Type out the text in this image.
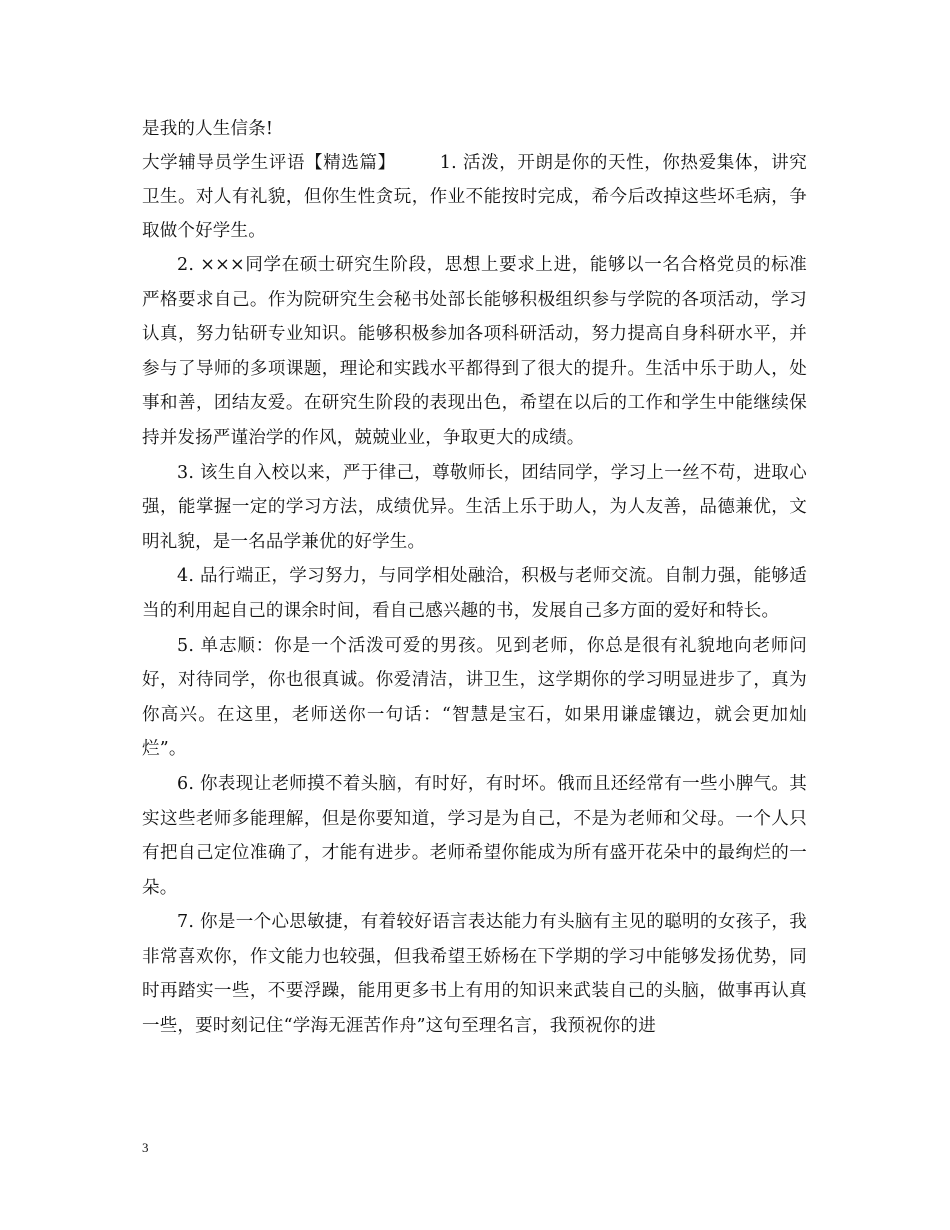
是我的人生信条!

大学辅导员学生评语【精选篇】	1. 活泼，开朗是你的天性，你热爱集体，讲究卫生。对人有礼貌，但你生性贪玩，作业不能按时完成，希今后改掉这些坏毛病，争取做个好学生。

2. ×××同学在硕士研究生阶段，思想上要求上进，能够以一名合格党员的标准严格要求自己。作为院研究生会秘书处部长能够积极组织参与学院的各项活动，学习认真，努力钻研专业知识。能够积极参加各项科研活动，努力提高自身科研水平，并参与了导师的多项课题，理论和实践水平都得到了很大的提升。生活中乐于助人，处事和善，团结友爱。在研究生阶段的表现出色，希望在以后的工作和学生中能继续保持并发扬严谨治学的作风，兢兢业业，争取更大的成绩。

3. 该生自入校以来，严于律己，尊敬师长，团结同学，学习上一丝不苟，进取心强，能掌握一定的学习方法，成绩优异。生活上乐于助人，为人友善，品德兼优，文明礼貌，是一名品学兼优的好学生。

4. 品行端正，学习努力，与同学相处融洽，积极与老师交流。自制力强，能够适当的利用起自己的课余时间，看自己感兴趣的书，发展自己多方面的爱好和特长。

5. 单志顺：你是一个活泼可爱的男孩。见到老师，你总是很有礼貌地向老师问好，对待同学，你也很真诚。你爱清洁，讲卫生，这学期你的学习明显进步了，真为你高兴。在这里，老师送你一句话：“智慧是宝石，如果用谦虚镶边，就会更加灿烂”。

6. 你表现让老师摸不着头脑，有时好，有时坏。俄而且还经常有一些小脾气。其实这些老师多能理解，但是你要知道，学习是为自己，不是为老师和父母。一个人只有把自己定位准确了，才能有进步。老师希望你能成为所有盛开花朵中的最绚烂的一朵。

7. 你是一个心思敏捷，有着较好语言表达能力有头脑有主见的聪明的女孩子，我非常喜欢你，作文能力也较强，但我希望王娇杨在下学期的学习中能够发扬优势，同时再踏实一些，不要浮躁，能用更多书上有用的知识来武装自己的头脑，做事再认真一些，要时刻记住“学海无涯苦作舟”这句至理名言，我预祝你的进

3
